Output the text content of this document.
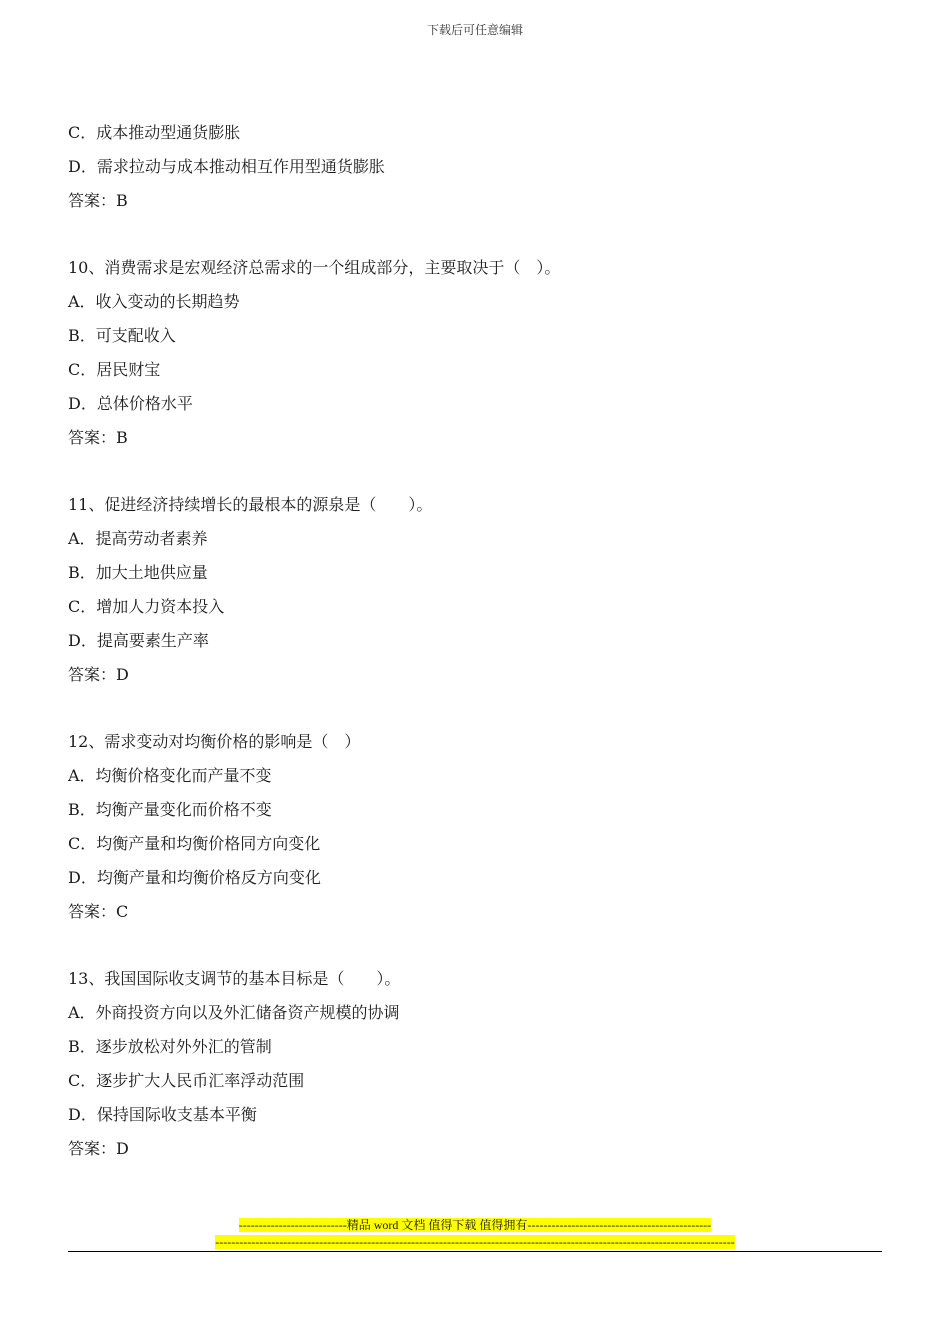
下载后可任意编辑
C．成本推动型通货膨胀
D．需求拉动与成本推动相互作用型通货膨胀
答案：B
10、消费需求是宏观经济总需求的一个组成部分，主要取决于（　）。
A．收入变动的长期趋势
B．可支配收入
C．居民财宝
D．总体价格水平
答案：B
11、促进经济持续增长的最根本的源泉是（　　）。
A．提高劳动者素养
B．加大土地供应量
C．增加人力资本投入
D．提高要素生产率
答案：D
12、需求变动对均衡价格的影响是（　）
A．均衡价格变化而产量不变
B．均衡产量变化而价格不变
C．均衡产量和均衡价格同方向变化
D．均衡产量和均衡价格反方向变化
答案：C
13、我国国际收支调节的基本目标是（　　）。
A．外商投资方向以及外汇储备资产规模的协调
B．逐步放松对外外汇的管制
C．逐步扩大人民币汇率浮动范围
D．保持国际收支基本平衡
答案：D
---------------------------精品 word 文档 值得下载 值得拥有----------------------------------------------
----------------------------------------------------------------------------------------------------------------------------------
